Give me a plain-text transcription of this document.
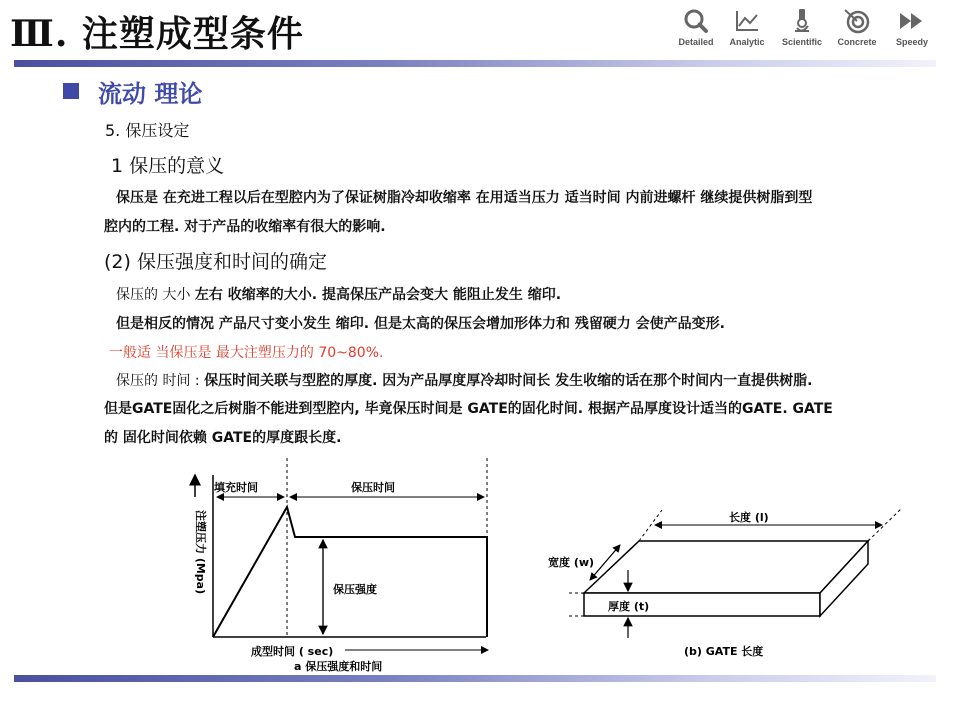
Ⅲ. 注塑成型条件	Detailed	Analytic	Scientific	Concrete	Speedy
流动 理论
5. 保压设定
1 保压的意义
保压是 在充进工程以后在型腔内为了保证树脂冷却收缩率 在用适当压力 适当时间 内前进螺杆 继续提供树脂到型
腔内的工程. 对于产品的收缩率有很大的影响.
(2) 保压强度和时间的确定
保压的 大小 左右 收缩率的大小. 提高保压产品会变大 能阻止发生 缩印.
但是相反的情况 产品尺寸变小发生 缩印. 但是太高的保压会增加形体力和 残留硬力 会使产品变形.
一般适 当保压是 最大注塑压力的 70~80%.
保压的 时间 : 保压时间关联与型腔的厚度. 因为产品厚度厚冷却时间长 发生收缩的话在那个时间内一直提供树脂.
但是GATE固化之后树脂不能进到型腔内, 毕竟保压时间是 GATE的固化时间. 根据产品厚度设计适当的GATE. GATE
的 固化时间依赖 GATE的厚度跟长度.
填充时间	保压时间
保压强度
成型时间 ( sec)
a 保压强度和时间
注塑压力 (Mpa)	长度 (l)
宽度 (w)
厚度 (t)
(b) GATE 长度
